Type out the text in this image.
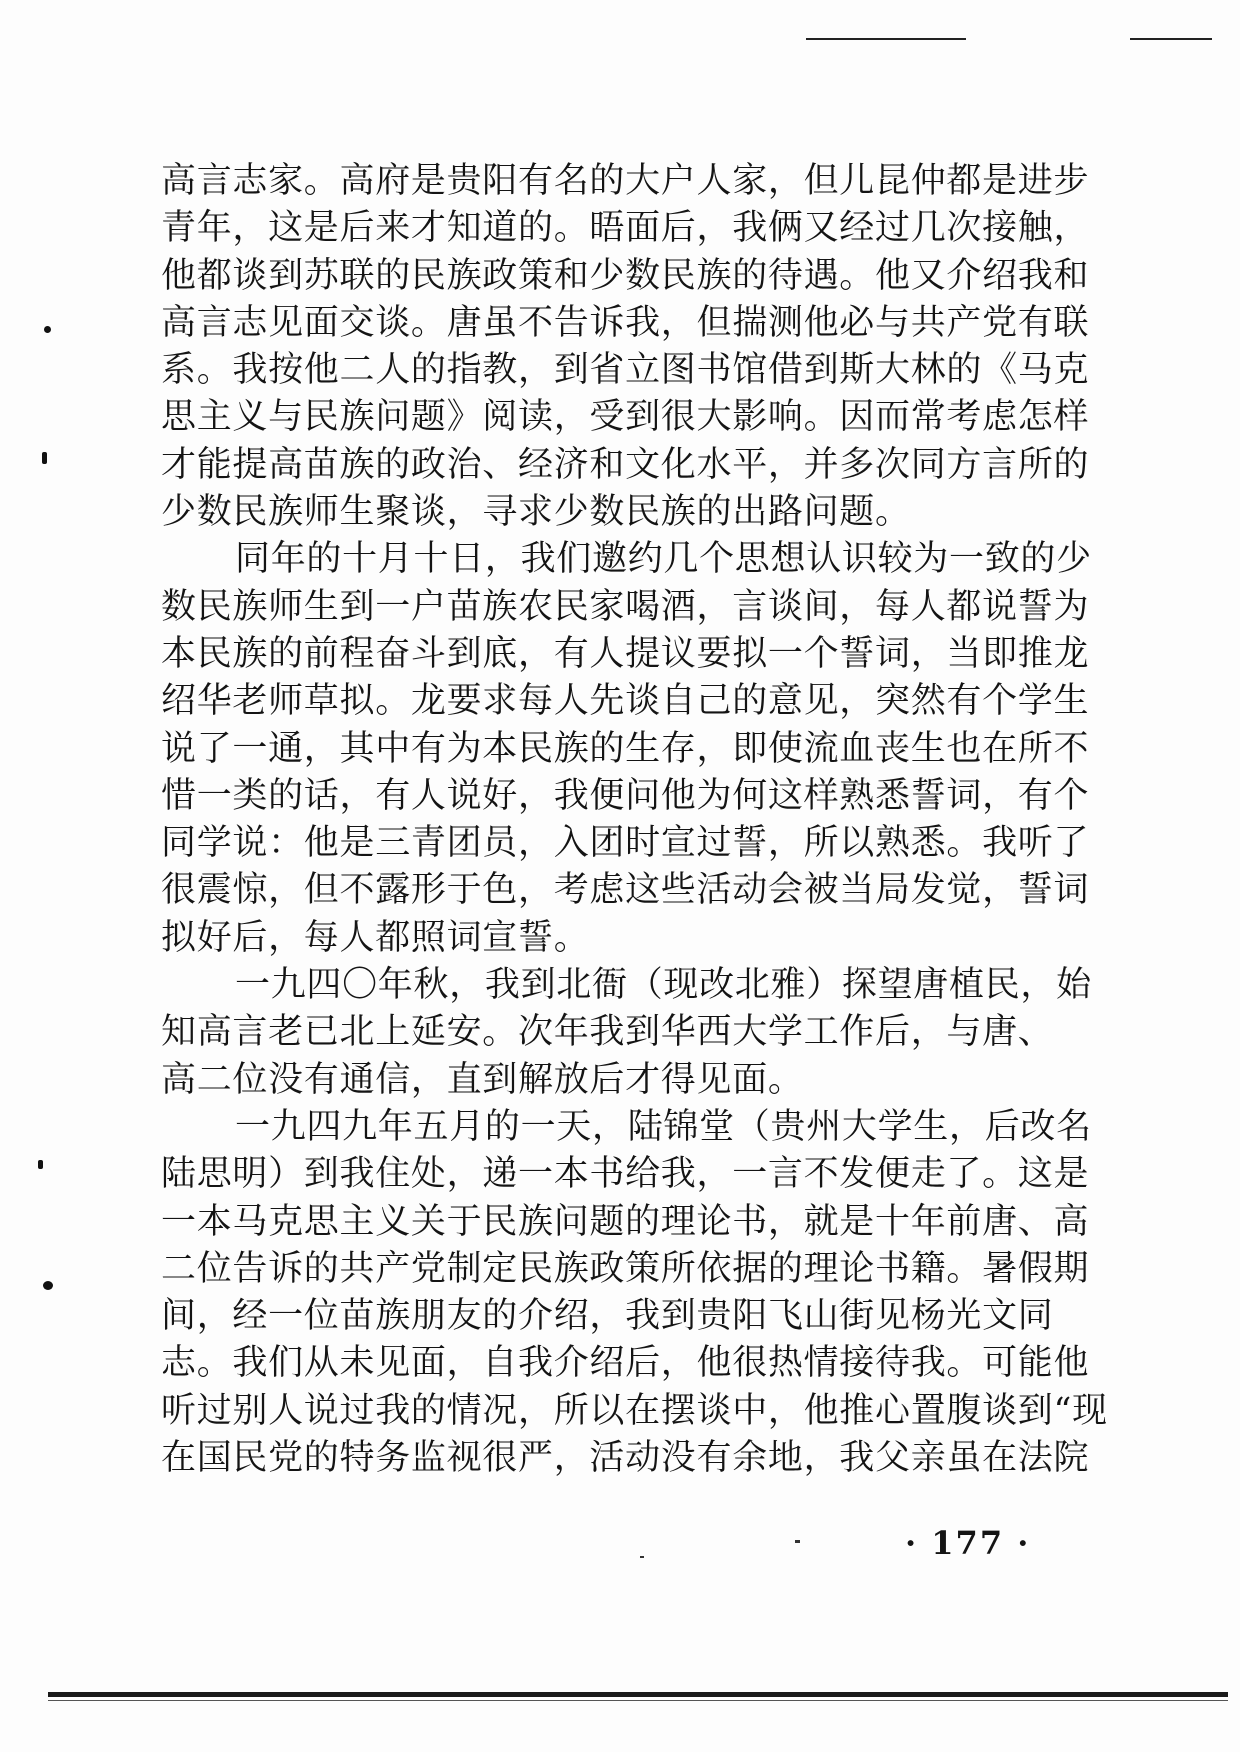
高言志家。高府是贵阳有名的大户人家，但儿昆仲都是进步
青年，这是后来才知道的。晤面后，我俩又经过几次接触，
他都谈到苏联的民族政策和少数民族的待遇。他又介绍我和
高言志见面交谈。唐虽不告诉我，但揣测他必与共产党有联
系。我按他二人的指教，到省立图书馆借到斯大林的《马克
思主义与民族问题》阅读，受到很大影响。因而常考虑怎样
才能提高苗族的政治、经济和文化水平，并多次同方言所的
少数民族师生聚谈，寻求少数民族的出路问题。
同年的十月十日，我们邀约几个思想认识较为一致的少
数民族师生到一户苗族农民家喝酒，言谈间，每人都说誓为
本民族的前程奋斗到底，有人提议要拟一个誓词，当即推龙
绍华老师草拟。龙要求每人先谈自己的意见，突然有个学生
说了一通，其中有为本民族的生存，即使流血丧生也在所不
惜一类的话，有人说好，我便问他为何这样熟悉誓词，有个
同学说：他是三青团员，入团时宣过誓，所以熟悉。我听了
很震惊，但不露形于色，考虑这些活动会被当局发觉，誓词
拟好后，每人都照词宣誓。
一九四〇年秋，我到北衙（现改北雅）探望唐植民，始
知高言老已北上延安。次年我到华西大学工作后，与唐、
高二位没有通信，直到解放后才得见面。
一九四九年五月的一天，陆锦堂（贵州大学生，后改名
陆思明）到我住处，递一本书给我，一言不发便走了。这是
一本马克思主义关于民族问题的理论书，就是十年前唐、高
二位告诉的共产党制定民族政策所依据的理论书籍。暑假期
间，经一位苗族朋友的介绍，我到贵阳飞山街见杨光文同
志。我们从未见面，自我介绍后，他很热情接待我。可能他
听过别人说过我的情况，所以在摆谈中，他推心置腹谈到“现
在国民党的特务监视很严，活动没有余地，我父亲虽在法院
· 177 ·
